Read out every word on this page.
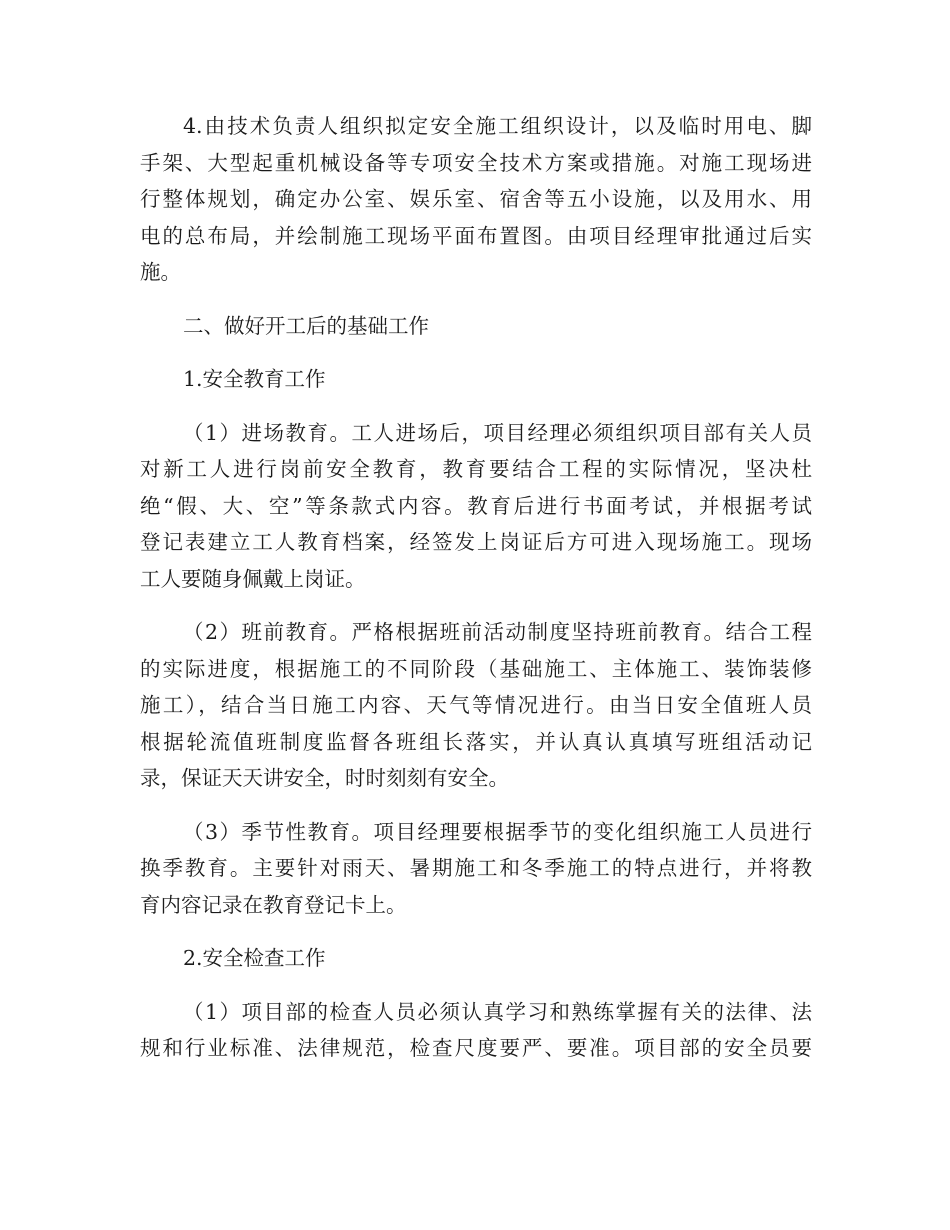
4.由技术负责人组织拟定安全施工组织设计，以及临时用电、脚
手架、大型起重机械设备等专项安全技术方案或措施。对施工现场进
行整体规划，确定办公室、娱乐室、宿舍等五小设施，以及用水、用
电的总布局，并绘制施工现场平面布置图。由项目经理审批通过后实
施。
二、做好开工后的基础工作
1.安全教育工作
（1）进场教育。工人进场后，项目经理必须组织项目部有关人员
对新工人进行岗前安全教育，教育要结合工程的实际情况，坚决杜
绝“假、大、空”等条款式内容。教育后进行书面考试，并根据考试
登记表建立工人教育档案，经签发上岗证后方可进入现场施工。现场
工人要随身佩戴上岗证。
（2）班前教育。严格根据班前活动制度坚持班前教育。结合工程
的实际进度，根据施工的不同阶段（基础施工、主体施工、装饰装修
施工），结合当日施工内容、天气等情况进行。由当日安全值班人员
根据轮流值班制度监督各班组长落实，并认真认真填写班组活动记
录，保证天天讲安全，时时刻刻有安全。
（3）季节性教育。项目经理要根据季节的变化组织施工人员进行
换季教育。主要针对雨天、暑期施工和冬季施工的特点进行，并将教
育内容记录在教育登记卡上。
2.安全检查工作
（1）项目部的检查人员必须认真学习和熟练掌握有关的法律、法
规和行业标准、法律规范，检查尺度要严、要准。项目部的安全员要
